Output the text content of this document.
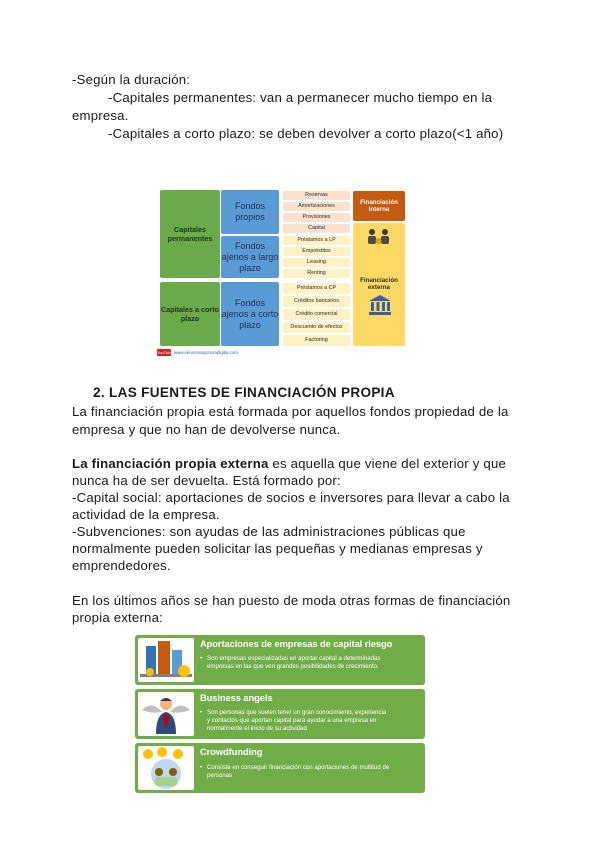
-Según la duración:
-Capitales permanentes: van a permanecer mucho tiempo en la
empresa.
-Capitales a corto plazo: se deben devolver a corto plazo(<1 año)
Capitales permanentes
Capitales a corto plazo
Fondos propios
Fondos ajenos a largo plazo
Fondos ajenos a corto plazo
Reservas
Amortizaciones
Provisiones
Capital
Préstamos a LP
Empréstitos
Leasing
Renting
Préstamos a CP
Créditos bancarios
Crédito comercial
Descuento de efectos
Factoring
Financiación interna
Financiación externa
YouTube www.ekonomiapizarradigital.com
2. LAS FUENTES DE FINANCIACIÓN PROPIA
La financiación propia está formada por aquellos fondos propiedad de la
empresa y que no han de devolverse nunca.
La financiación propia externa es aquella que viene del exterior y que
nunca ha de ser devuelta. Está formado por:
-Capital social: aportaciones de socios e inversores para llevar a cabo la
actividad de la empresa.
-Subvenciones: son ayudas de las administraciones públicas que
normalmente pueden solicitar las pequeñas y medianas empresas y
emprendedores.
En los últimos años se han puesto de moda otras formas de financiación
propia externa:
Aportaciones de empresas de capital riesgo
• Son empresas especializadas en aportar capital a determinadas
empresas en las que ven grandes posibilidades de crecimiento.
Business angels
• Son personas que suelen tener un gran conocimiento, experiencia
y contactos que aportan capital para ayudar a una empresa en
normalmente el inicio de su actividad
Crowdfunding
• Consiste en conseguir financiación con aportaciones de multitud de
personas
